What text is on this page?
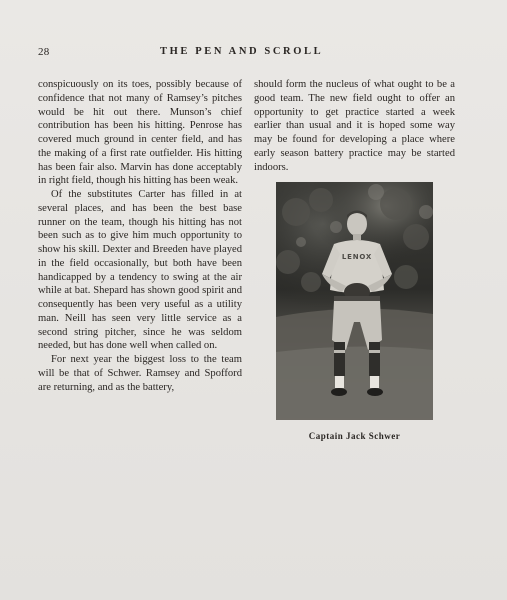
28	THE PEN AND SCROLL

conspicuously on its toes, possibly because of confidence that not many of Ramsey’s pitches would be hit out there. Munson’s chief contribution has been his hitting. Penrose has covered much ground in center field, and has the making of a first rate outfielder. His hitting has been fair also. Marvin has done acceptably in right field, though his hitting has been weak.

Of the substitutes Carter has filled in at several places, and has been the best base runner on the team, though his hitting has not been such as to give him much opportunity to show his skill. Dexter and Breeden have played in the field occasionally, but both have been handicapped by a tendency to swing at the air while at bat. Shepard has shown good spirit and consequently has been very useful as a utility man. Neill has seen very little service as a second string pitcher, since he was seldom needed, but has done well when called on.

For next year the biggest loss to the team will be that of Schwer. Ramsey and Spofford are returning, and as the battery,

should form the nucleus of what ought to be a good team. The new field ought to offer an opportunity to get practice started a week earlier than usual and it is hoped some way may be found for developing a place where early season battery practice may be started indoors.

LENOX
Captain Jack Schwer
